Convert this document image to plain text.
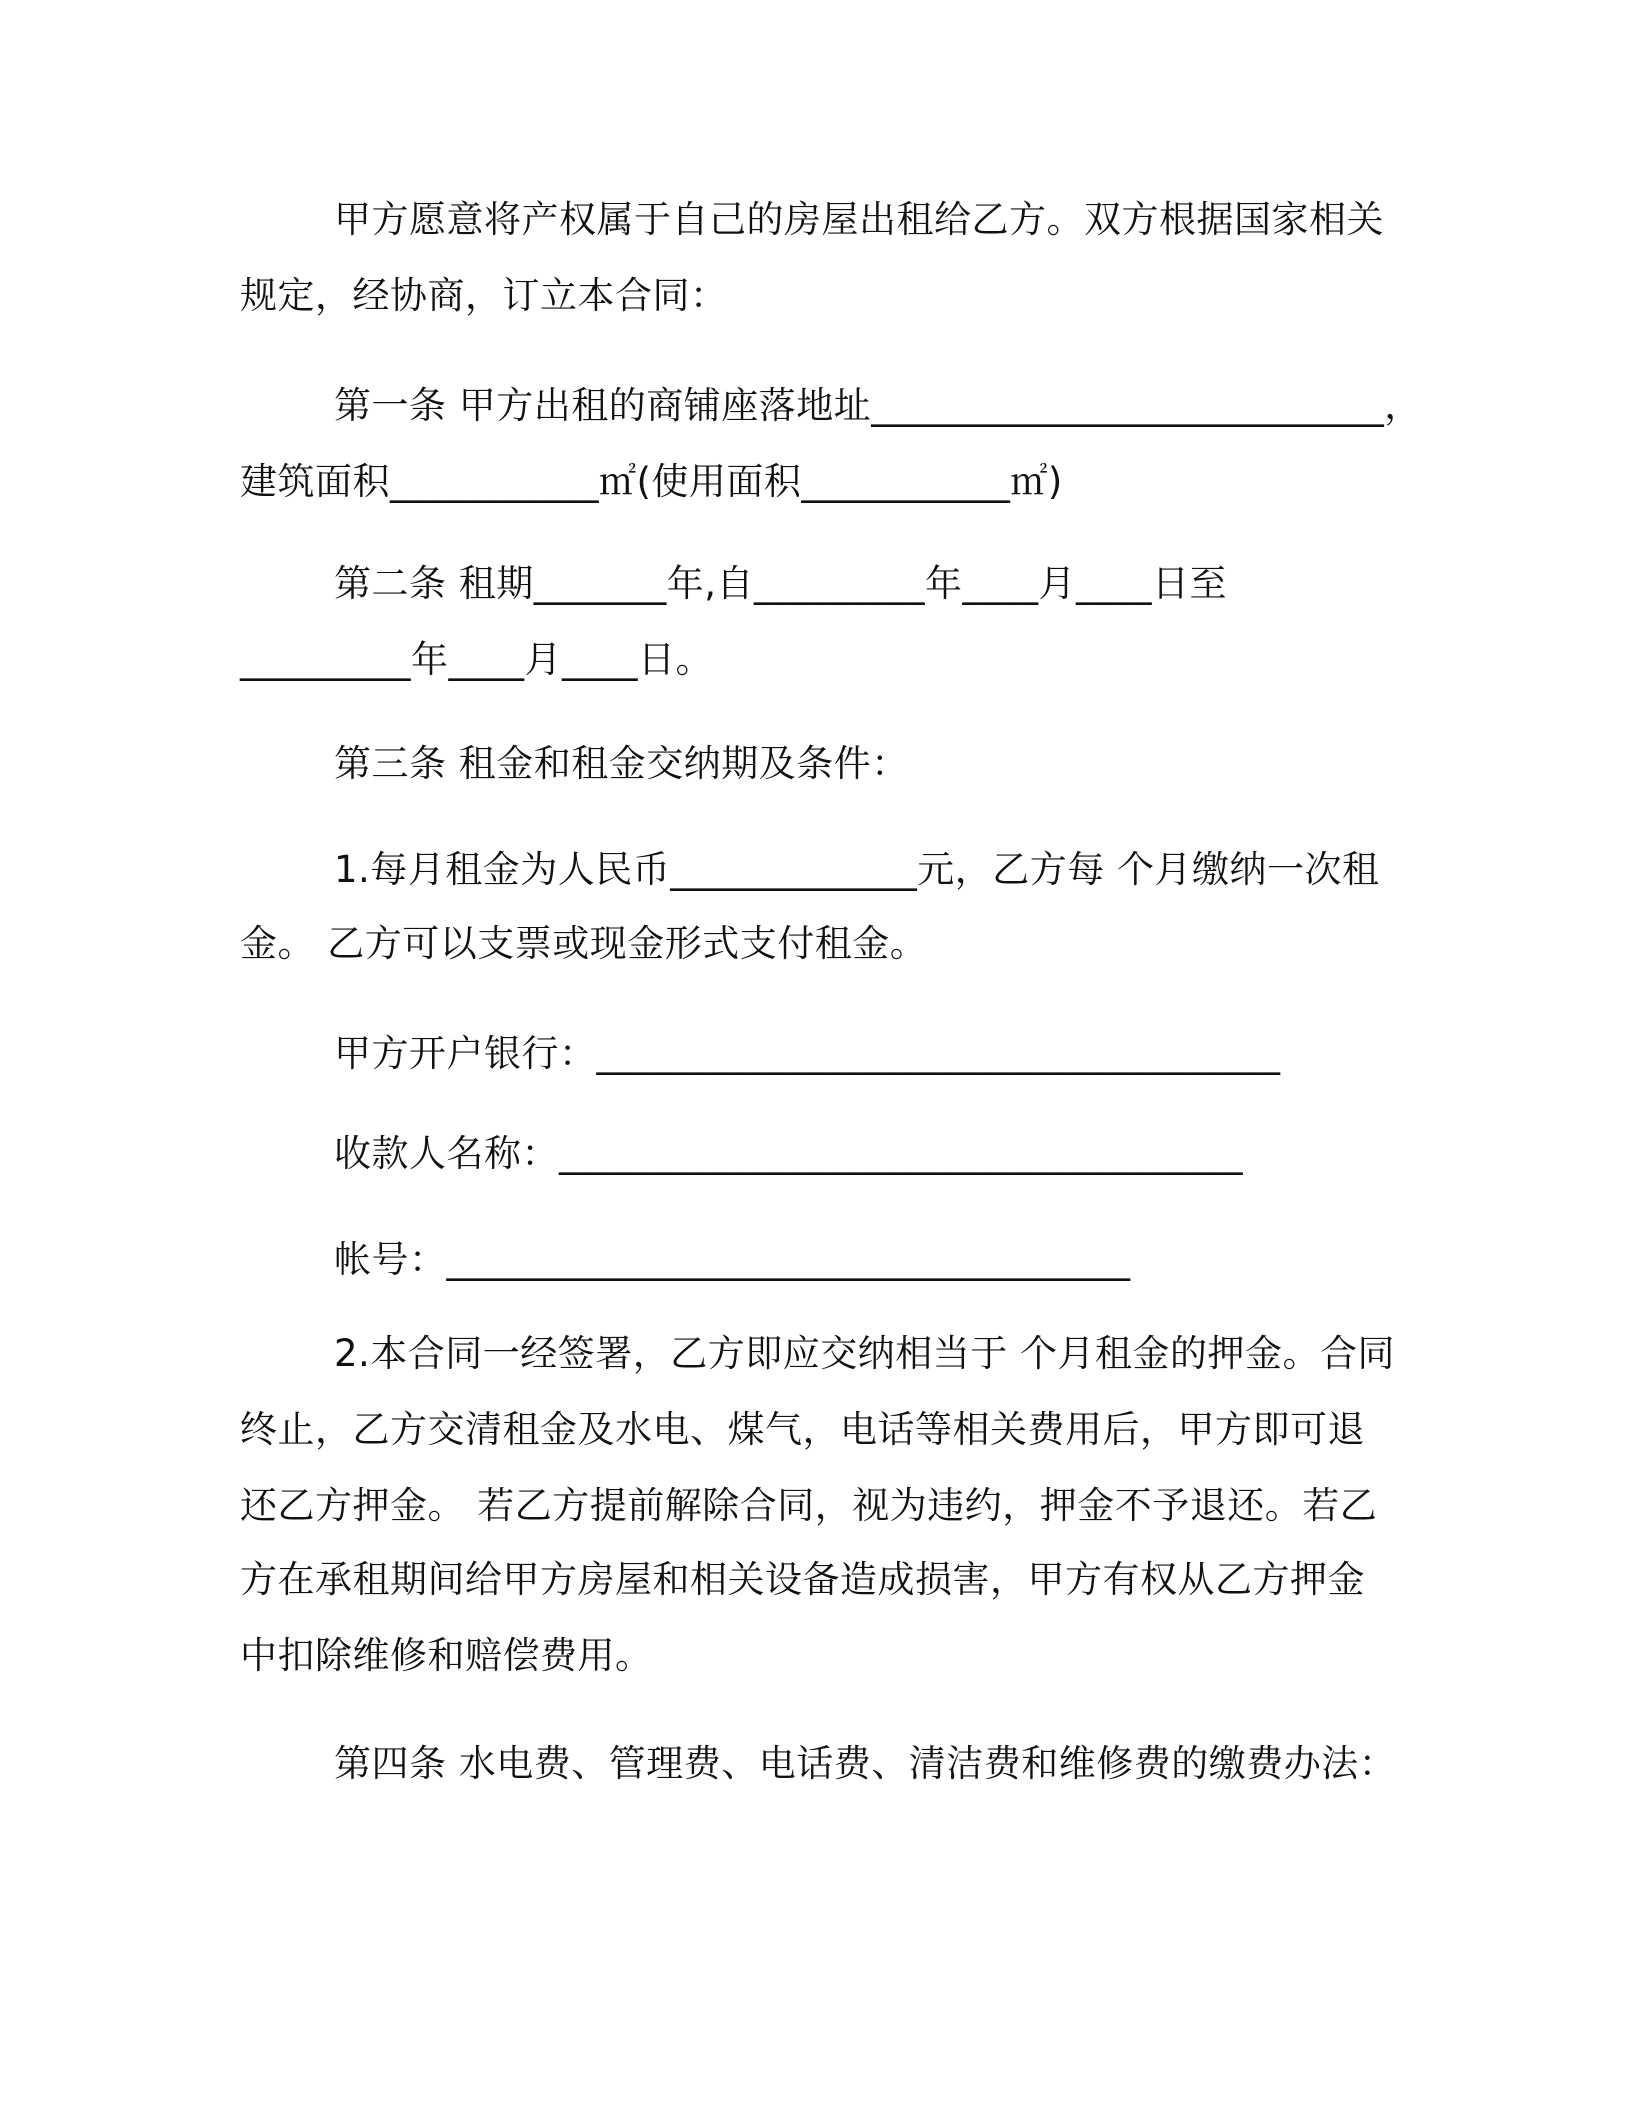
甲方愿意将产权属于自己的房屋出租给乙方。双方根据国家相关
规定，经协商，订立本合同：
第一条 甲方出租的商铺座落地址___________________________，
建筑面积___________㎡(使用面积___________㎡)
第二条 租期_______年,自_________年____月____日至
_________年____月____日。
第三条 租金和租金交纳期及条件：
1.每月租金为人民币_____________元，乙方每 个月缴纳一次租
金。 乙方可以支票或现金形式支付租金。
甲方开户银行：____________________________________
收款人名称：____________________________________
帐号：____________________________________
2.本合同一经签署，乙方即应交纳相当于 个月租金的押金。合同
终止，乙方交清租金及水电、煤气，电话等相关费用后，甲方即可退
还乙方押金。 若乙方提前解除合同，视为违约，押金不予退还。若乙
方在承租期间给甲方房屋和相关设备造成损害，甲方有权从乙方押金
中扣除维修和赔偿费用。
第四条 水电费、管理费、电话费、清洁费和维修费的缴费办法：
